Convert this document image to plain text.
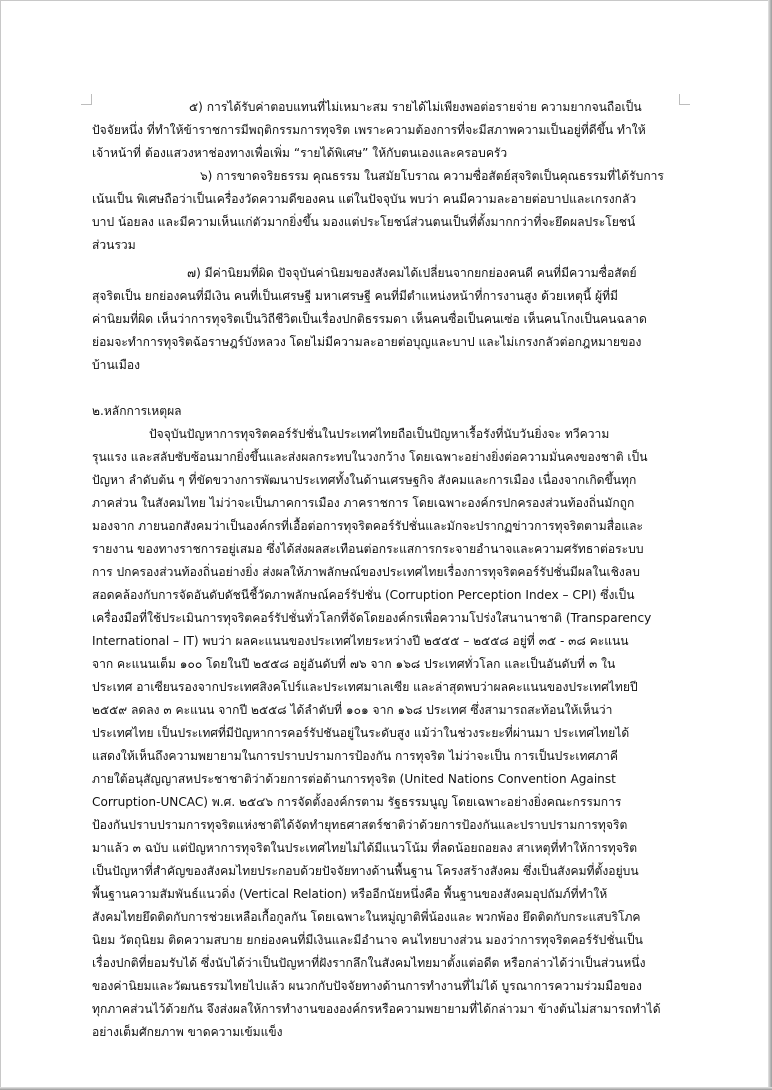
๕) การได้รับค่าตอบแทนที่ไม่เหมาะสม รายได้ไม่เพียงพอต่อรายจ่าย ความยากจนถือเป็น
ปัจจัยหนึ่ง ที่ทำให้ข้าราชการมีพฤติกรรมการทุจริต เพราะความต้องการที่จะมีสภาพความเป็นอยู่ที่ดีขึ้น ทำให้
เจ้าหน้าที่ ต้องแสวงหาช่องทางเพื่อเพิ่ม “รายได้พิเศษ” ให้กับตนเองและครอบครัว
๖) การขาดจริยธรรม คุณธรรม ในสมัยโบราณ ความซื่อสัตย์สุจริตเป็นคุณธรรมที่ได้รับการ
เน้นเป็น พิเศษถือว่าเป็นเครื่องวัดความดีของคน แต่ในปัจจุบัน พบว่า คนมีความละอายต่อบาปและเกรงกลัว
บาป น้อยลง และมีความเห็นแก่ตัวมากยิ่งขึ้น มองแต่ประโยชน์ส่วนตนเป็นที่ตั้งมากกว่าที่จะยึดผลประโยชน์
ส่วนรวม
๗) มีค่านิยมที่ผิด ปัจจุบันค่านิยมของสังคมได้เปลี่ยนจากยกย่องคนดี คนที่มีความซื่อสัตย์
สุจริตเป็น ยกย่องคนที่มีเงิน คนที่เป็นเศรษฐี มหาเศรษฐี คนที่มีตำแหน่งหน้าที่การงานสูง ด้วยเหตุนี้ ผู้ที่มี
ค่านิยมที่ผิด เห็นว่าการทุจริตเป็นวิถีชีวิตเป็นเรื่องปกติธรรมดา เห็นคนซื่อเป็นคนเซ่อ เห็นคนโกงเป็นคนฉลาด
ย่อมจะทำการทุจริตฉ้อราษฎร์บังหลวง โดยไม่มีความละอายต่อบุญและบาป และไม่เกรงกลัวต่อกฎหมายของ
บ้านเมือง
๒.หลักการเหตุผล
ปัจจุบันปัญหาการทุจริตคอร์รัปชั่นในประเทศไทยถือเป็นปัญหาเรื้อรังที่นับวันยิ่งจะ ทวีความ
รุนแรง และสลับซับซ้อนมากยิ่งขึ้นและส่งผลกระทบในวงกว้าง โดยเฉพาะอย่างยิ่งต่อความมั่นคงของชาติ เป็น
ปัญหา ลำดับต้น ๆ ที่ขัดขวางการพัฒนาประเทศทั้งในด้านเศรษฐกิจ สังคมและการเมือง เนื่องจากเกิดขึ้นทุก
ภาคส่วน ในสังคมไทย ไม่ว่าจะเป็นภาคการเมือง ภาคราชการ โดยเฉพาะองค์กรปกครองส่วนท้องถิ่นมักถูก
มองจาก ภายนอกสังคมว่าเป็นองค์กรที่เอื้อต่อการทุจริตคอร์รัปชั่นและมักจะปรากฏข่าวการทุจริตตามสื่อและ
รายงาน ของทางราชการอยู่เสมอ ซึ่งได้ส่งผลสะเทือนต่อกระแสการกระจายอำนาจและความศรัทธาต่อระบบ
การ ปกครองส่วนท้องถิ่นอย่างยิ่ง ส่งผลให้ภาพลักษณ์ของประเทศไทยเรื่องการทุจริตคอร์รัปชั่นมีผลในเชิงลบ
สอดคล้องกับการจัดอันดับดัชนีชี้วัดภาพลักษณ์คอร์รัปชั่น (Corruption Perception Index – CPI) ซึ่งเป็น
เครื่องมือที่ใช้ประเมินการทุจริตคอร์รัปชั่นทั่วโลกที่จัดโดยองค์กรเพื่อความโปร่งใสนานาชาติ (Transparency
International – IT) พบว่า ผลคะแนนของประเทศไทยระหว่างปี ๒๕๕๕ – ๒๕๕๘ อยู่ที่ ๓๕ - ๓๘ คะแนน
จาก คะแนนเต็ม ๑๐๐ โดยในปี ๒๕๕๘ อยู่อันดับที่ ๗๖ จาก ๑๖๘ ประเทศทั่วโลก และเป็นอันดับที่ ๓ ใน
ประเทศ อาเซียนรองจากประเทศสิงคโปร์และประเทศมาเลเซีย และล่าสุดพบว่าผลคะแนนของประเทศไทยปี
๒๕๕๙ ลดลง ๓ คะแนน จากปี ๒๕๕๘ ได้ลำดับที่ ๑๐๑ จาก ๑๖๘ ประเทศ ซึ่งสามารถสะท้อนให้เห็นว่า
ประเทศไทย เป็นประเทศที่มีปัญหาการคอร์รัปชันอยู่ในระดับสูง แม้ว่าในช่วงระยะที่ผ่านมา ประเทศไทยได้
แสดงให้เห็นถึงความพยายามในการปราบปรามการป้องกัน การทุจริต ไม่ว่าจะเป็น การเป็นประเทศภาคี
ภายใต้อนุสัญญาสหประชาชาติว่าด้วยการต่อต้านการทุจริต (United Nations Convention Against
Corruption-UNCAC) พ.ศ. ๒๕๔๖ การจัดตั้งองค์กรตาม รัฐธรรมนูญ โดยเฉพาะอย่างยิ่งคณะกรรมการ
ป้องกันปราบปรามการทุจริตแห่งชาติได้จัดทำยุทธศาสตร์ชาติว่าด้วยการป้องกันและปราบปรามการทุจริต
มาแล้ว ๓ ฉบับ แต่ปัญหาการทุจริตในประเทศไทยไม่ได้มีแนวโน้ม ที่ลดน้อยถอยลง สาเหตุที่ทำให้การทุจริต
เป็นปัญหาที่สำคัญของสังคมไทยประกอบด้วยปัจจัยทางด้านพื้นฐาน โครงสร้างสังคม ซึ่งเป็นสังคมที่ตั้งอยู่บน
พื้นฐานความสัมพันธ์แนวดิ่ง (Vertical Relation) หรืออีกนัยหนึ่งคือ พื้นฐานของสังคมอุปถัมภ์ที่ทำให้
สังคมไทยยึดติดกับการช่วยเหลือเกื้อกูลกัน โดยเฉพาะในหมู่ญาติพี่น้องและ พวกพ้อง ยึดติดกับกระแสบริโภค
นิยม วัตถุนิยม ติดความสบาย ยกย่องคนที่มีเงินและมีอำนาจ คนไทยบางส่วน มองว่าการทุจริตคอร์รัปชั่นเป็น
เรื่องปกติที่ยอมรับได้ ซึ่งนับได้ว่าเป็นปัญหาที่ฝังรากลึกในสังคมไทยมาตั้งแต่อดีต หรือกล่าวได้ว่าเป็นส่วนหนึ่ง
ของค่านิยมและวัฒนธรรมไทยไปแล้ว ผนวกกับปัจจัยทางด้านการทำงานที่ไม่ได้ บูรณาการความร่วมมือของ
ทุกภาคส่วนไว้ด้วยกัน จึงส่งผลให้การทำงานขององค์กรหรือความพยายามที่ได้กล่าวมา ข้างต้นไม่สามารถทำได้
อย่างเต็มศักยภาพ ขาดความเข้มแข็ง
